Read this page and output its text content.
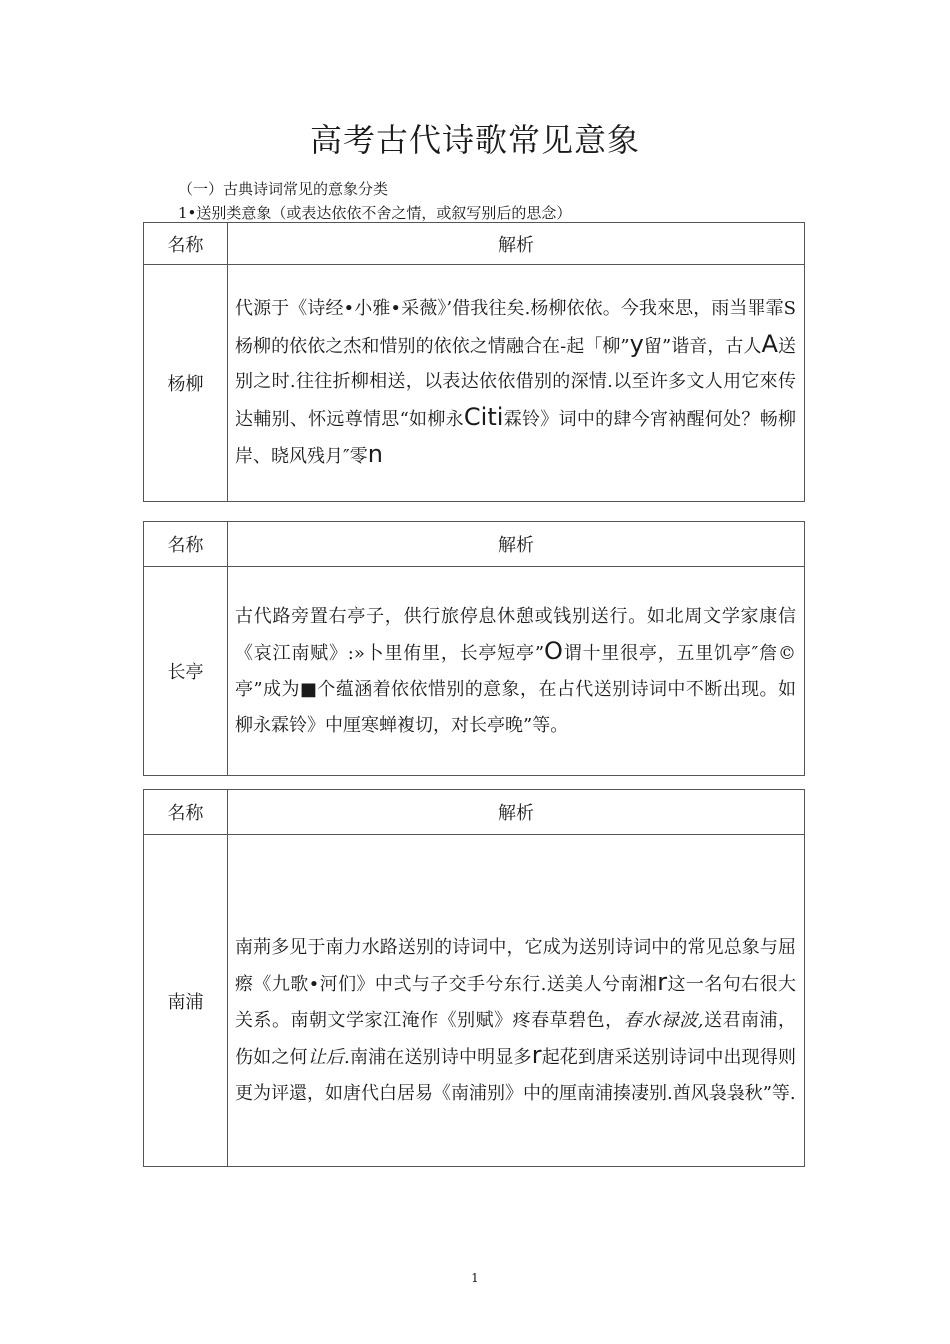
高考古代诗歌常见意象
（一）古典诗词常见的意象分类
1•送别类意象（或表达依依不舍之情，或叙写别后的思念）
名称	解析
杨柳	代源于《诗经•小雅•采薇》’借我往矣.杨柳依依。今我來思，雨当罪霏S杨柳的依依之杰和惜别的依依之情融合在-起「柳”y留”谐音，古人A送别之时.往往折柳相送，以表达依依借别的深情.以至许多文人用它來传达輔别、怀远尊情思“如柳永Citi霖铃》词中的肆今宵衲醒何处？畅柳岸、晓风残月″零n
名称	解析
长亭	古代路旁置右亭子，供行旅停息休憩或钱别送行。如北周文学家康信《哀江南赋》:»卜里侑里，长亭短亭”O谓十里很亭，五里饥亭″詹©亭”成为■个蕴涵着依依惜别的意象，在占代送别诗词中不断出现。如柳永霖铃》中厘寒蝉複切，对长亭晚”等。
名称	解析
南浦	南荊多见于南力水路送别的诗词中，它成为送别诗词中的常见总象与屈瘵《九歌•河们》中弍与子交手兮东行.送美人兮南湘r这一名句右很大关系。南朝文学家江淹作《别赋》疼春草碧色，春水禄波,送君南浦，伤如之何让后.南浦在送别诗中明显多r起花到唐采送别诗词中出现得则更为评還，如唐代白居易《南浦别》中的厘南浦揍凄别.酋风袅袅秋”等.
1
